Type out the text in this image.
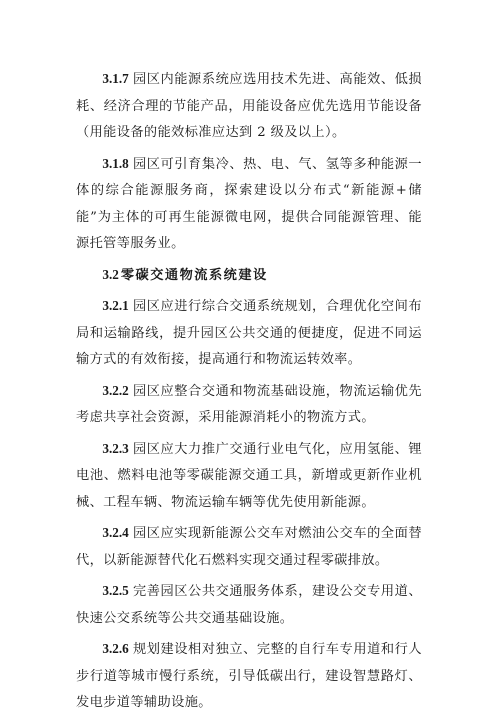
3.1.7 园区内能源系统应选用技术先进、高能效、低损耗、经济合理的节能产品，用能设备应优先选用节能设备（用能设备的能效标准应达到 2 级及以上）。

3.1.8 园区可引育集冷、热、电、气、氢等多种能源一体的综合能源服务商，探索建设以分布式“新能源+储能”为主体的可再生能源微电网，提供合同能源管理、能源托管等服务业。

3.2 零碳交通物流系统建设

3.2.1 园区应进行综合交通系统规划，合理优化空间布局和运输路线，提升园区公共交通的便捷度，促进不同运输方式的有效衔接，提高通行和物流运转效率。

3.2.2 园区应整合交通和物流基础设施，物流运输优先考虑共享社会资源，采用能源消耗小的物流方式。

3.2.3 园区应大力推广交通行业电气化，应用氢能、锂电池、燃料电池等零碳能源交通工具，新增或更新作业机械、工程车辆、物流运输车辆等优先使用新能源。

3.2.4 园区应实现新能源公交车对燃油公交车的全面替代，以新能源替代化石燃料实现交通过程零碳排放。

3.2.5 完善园区公共交通服务体系，建设公交专用道、快速公交系统等公共交通基础设施。

3.2.6 规划建设相对独立、完整的自行车专用道和行人步行道等城市慢行系统，引导低碳出行，建设智慧路灯、发电步道等辅助设施。
